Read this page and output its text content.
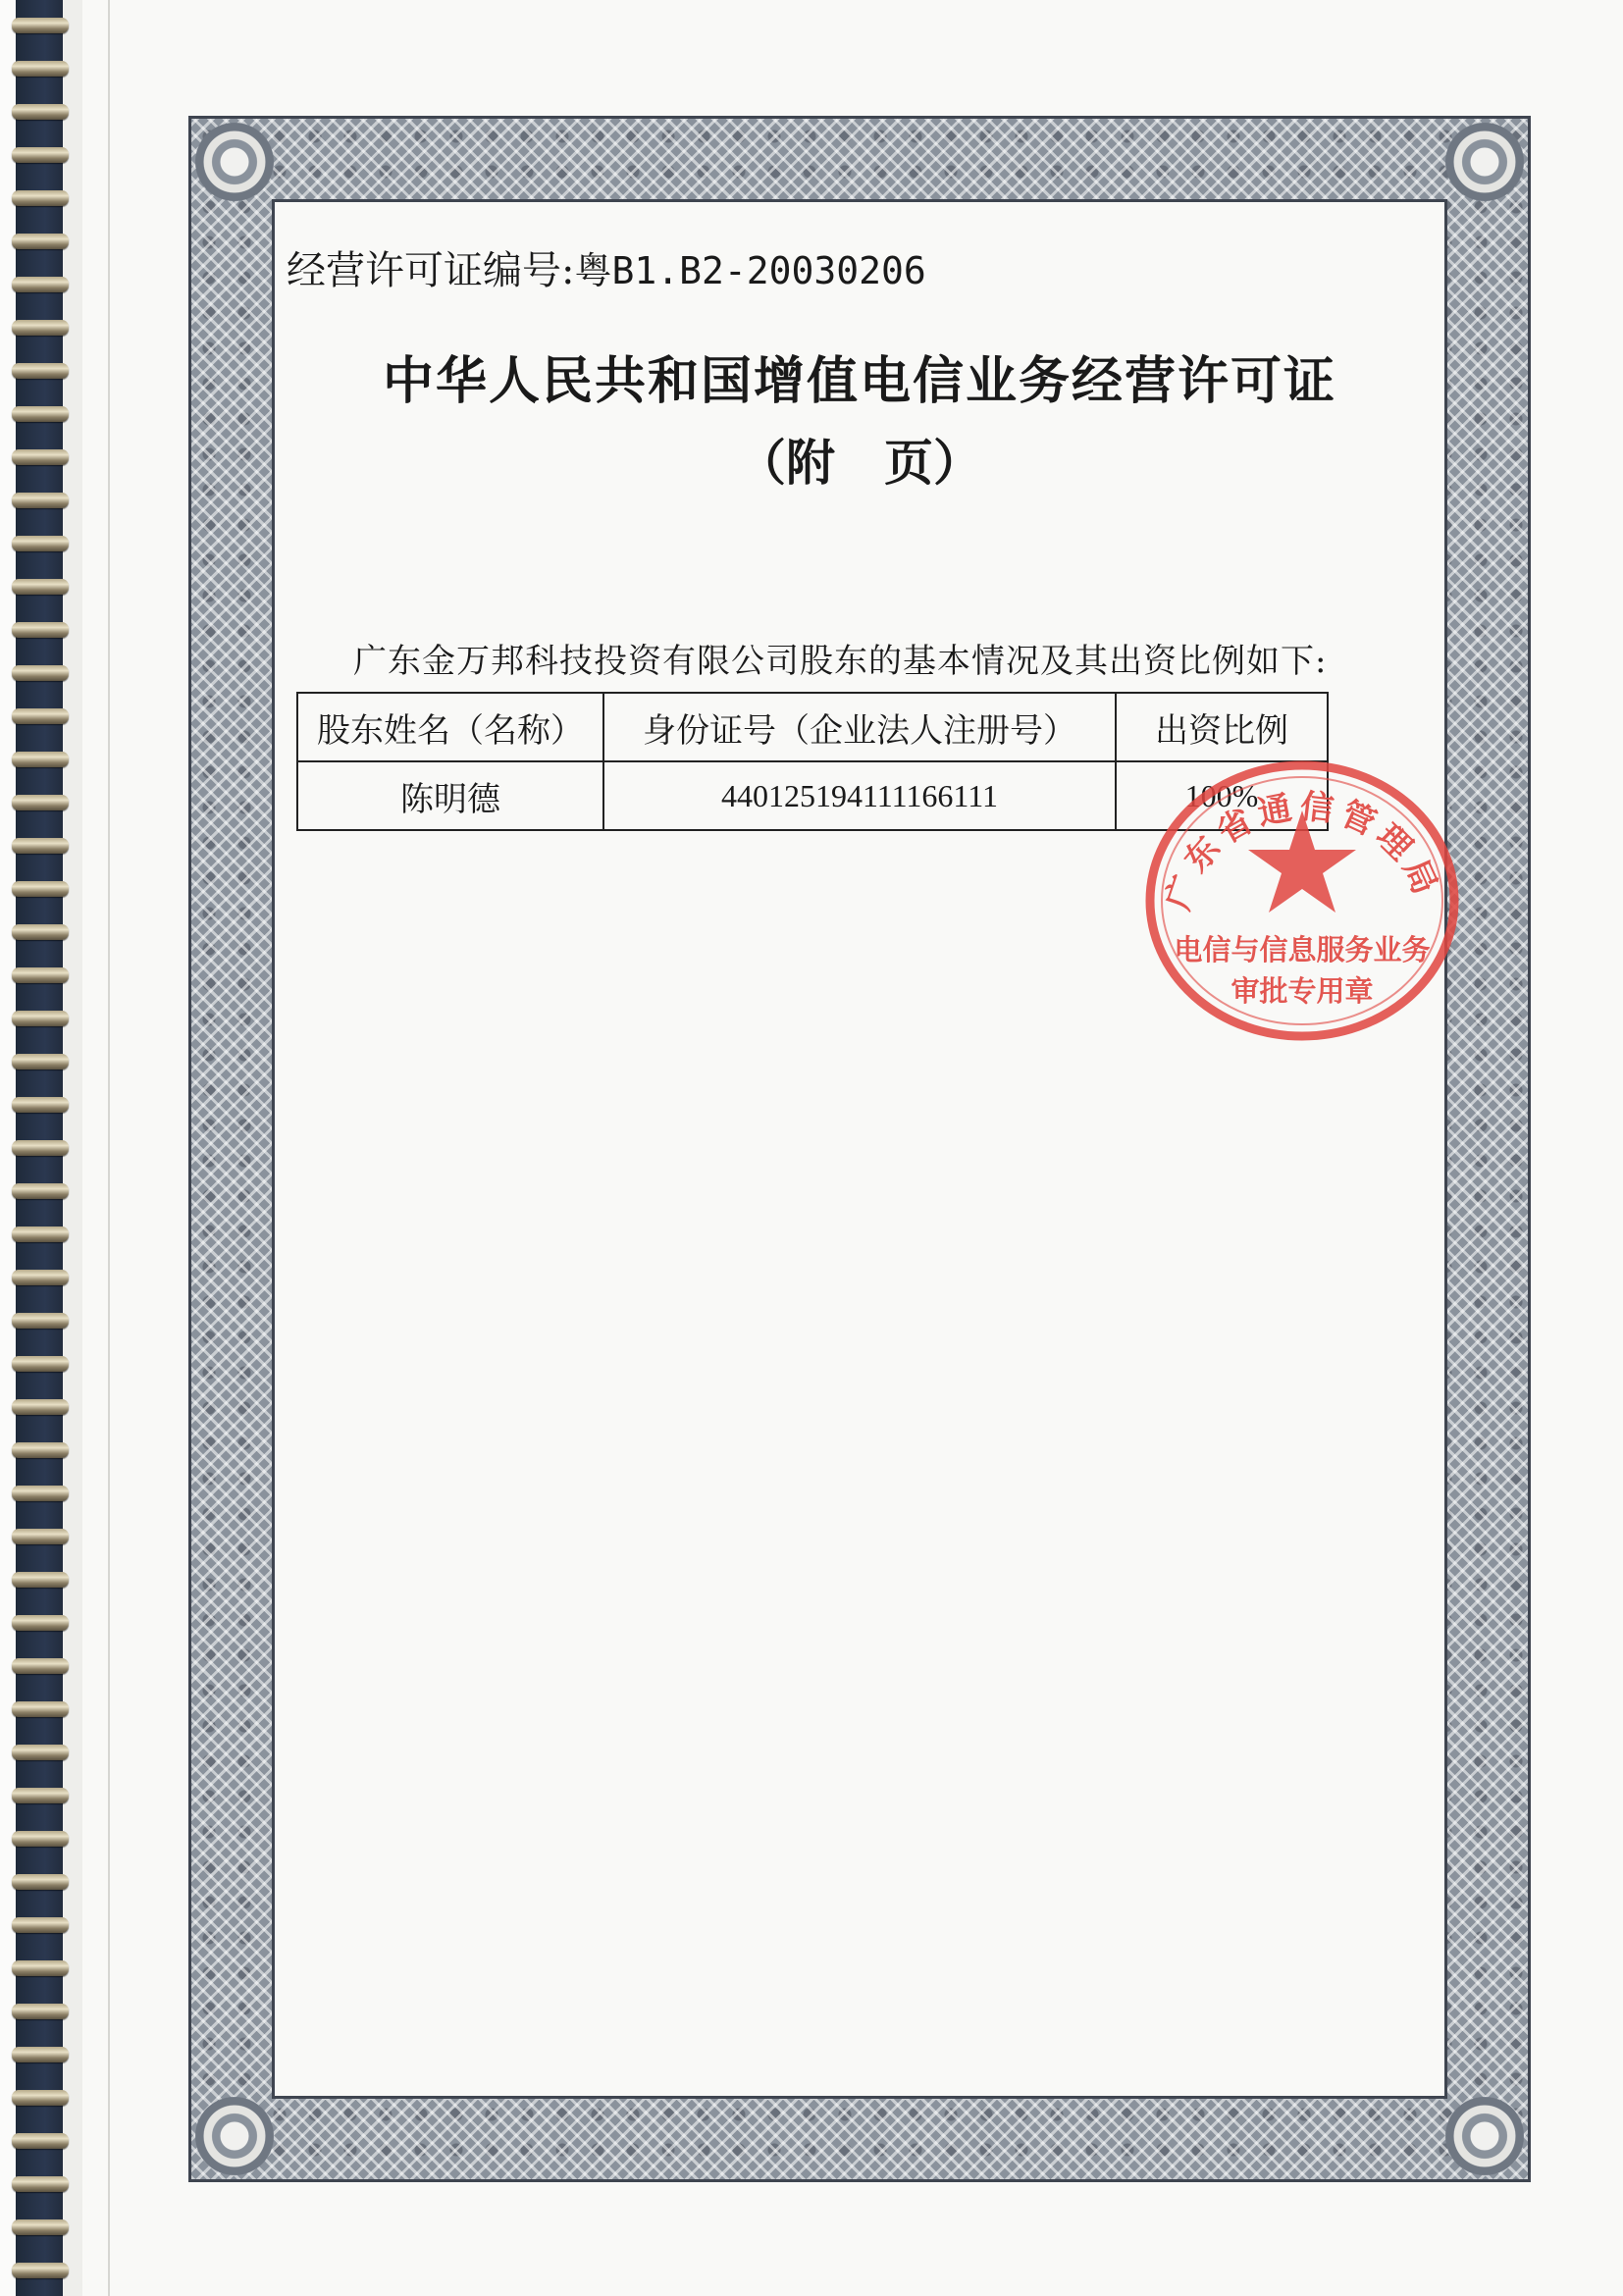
经营许可证编号:粤B1.B2-20030206
中华人民共和国增值电信业务经营许可证
（附　页）
广东金万邦科技投资有限公司股东的基本情况及其出资比例如下:
股东姓名（名称）	身份证号（企业法人注册号）	出资比例
陈明德	440125194111166111	100%
广东省通信管理局
电信与信息服务业务
审批专用章
